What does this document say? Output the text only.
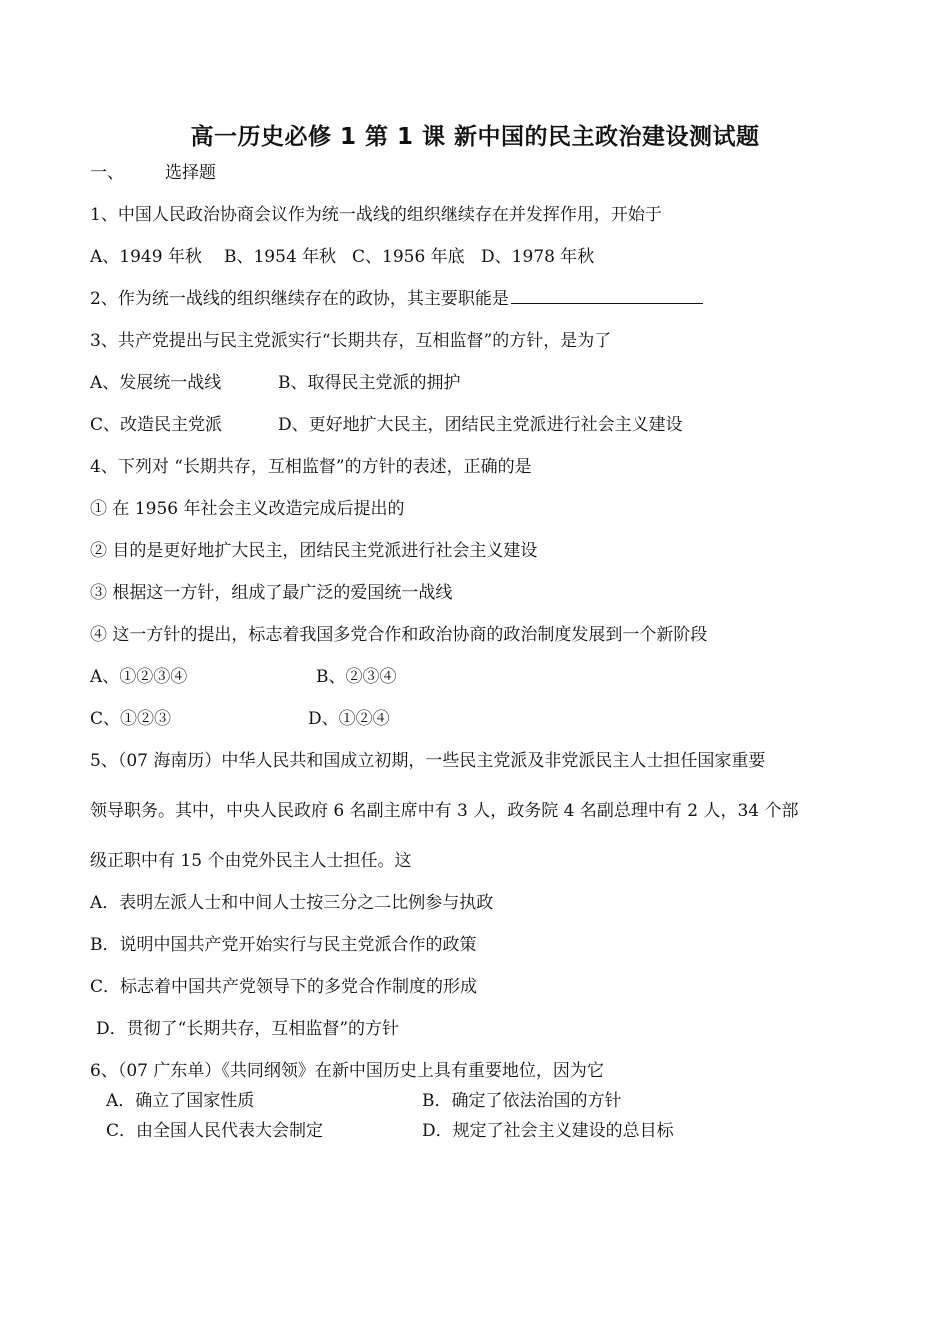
高一历史必修 1 第 1 课 新中国的民主政治建设测试题
一、 选择题
1、中国人民政治协商会议作为统一战线的组织继续存在并发挥作用，开始于
A、1949 年秋 B、1954 年秋 C、1956 年底 D、1978 年秋
2、作为统一战线的组织继续存在的政协，其主要职能是
3、共产党提出与民主党派实行“长期共存，互相监督”的方针，是为了
A、发展统一战线	B、取得民主党派的拥护
C、改造民主党派	D、更好地扩大民主，团结民主党派进行社会主义建设
4、下列对 “长期共存，互相监督”的方针的表述，正确的是
① 在 1956 年社会主义改造完成后提出的
② 目的是更好地扩大民主，团结民主党派进行社会主义建设
③ 根据这一方针，组成了最广泛的爱国统一战线
④ 这一方针的提出，标志着我国多党合作和政治协商的政治制度发展到一个新阶段
A、①②③④	B、②③④
C、①②③	D、①②④
5、（07 海南历）中华人民共和国成立初期，一些民主党派及非党派民主人士担任国家重要
领导职务。其中，中央人民政府 6 名副主席中有 3 人，政务院 4 名副总理中有 2 人，34 个部
级正职中有 15 个由党外民主人士担任。这
A．表明左派人士和中间人士按三分之二比例参与执政
B．说明中国共产党开始实行与民主党派合作的政策
C．标志着中国共产党领导下的多党合作制度的形成
D．贯彻了“长期共存，互相监督”的方针
6、（07 广东单）《共同纲领》在新中国历史上具有重要地位，因为它
A．确立了国家性质	B．确定了依法治国的方针
C．由全国人民代表大会制定	D．规定了社会主义建设的总目标
